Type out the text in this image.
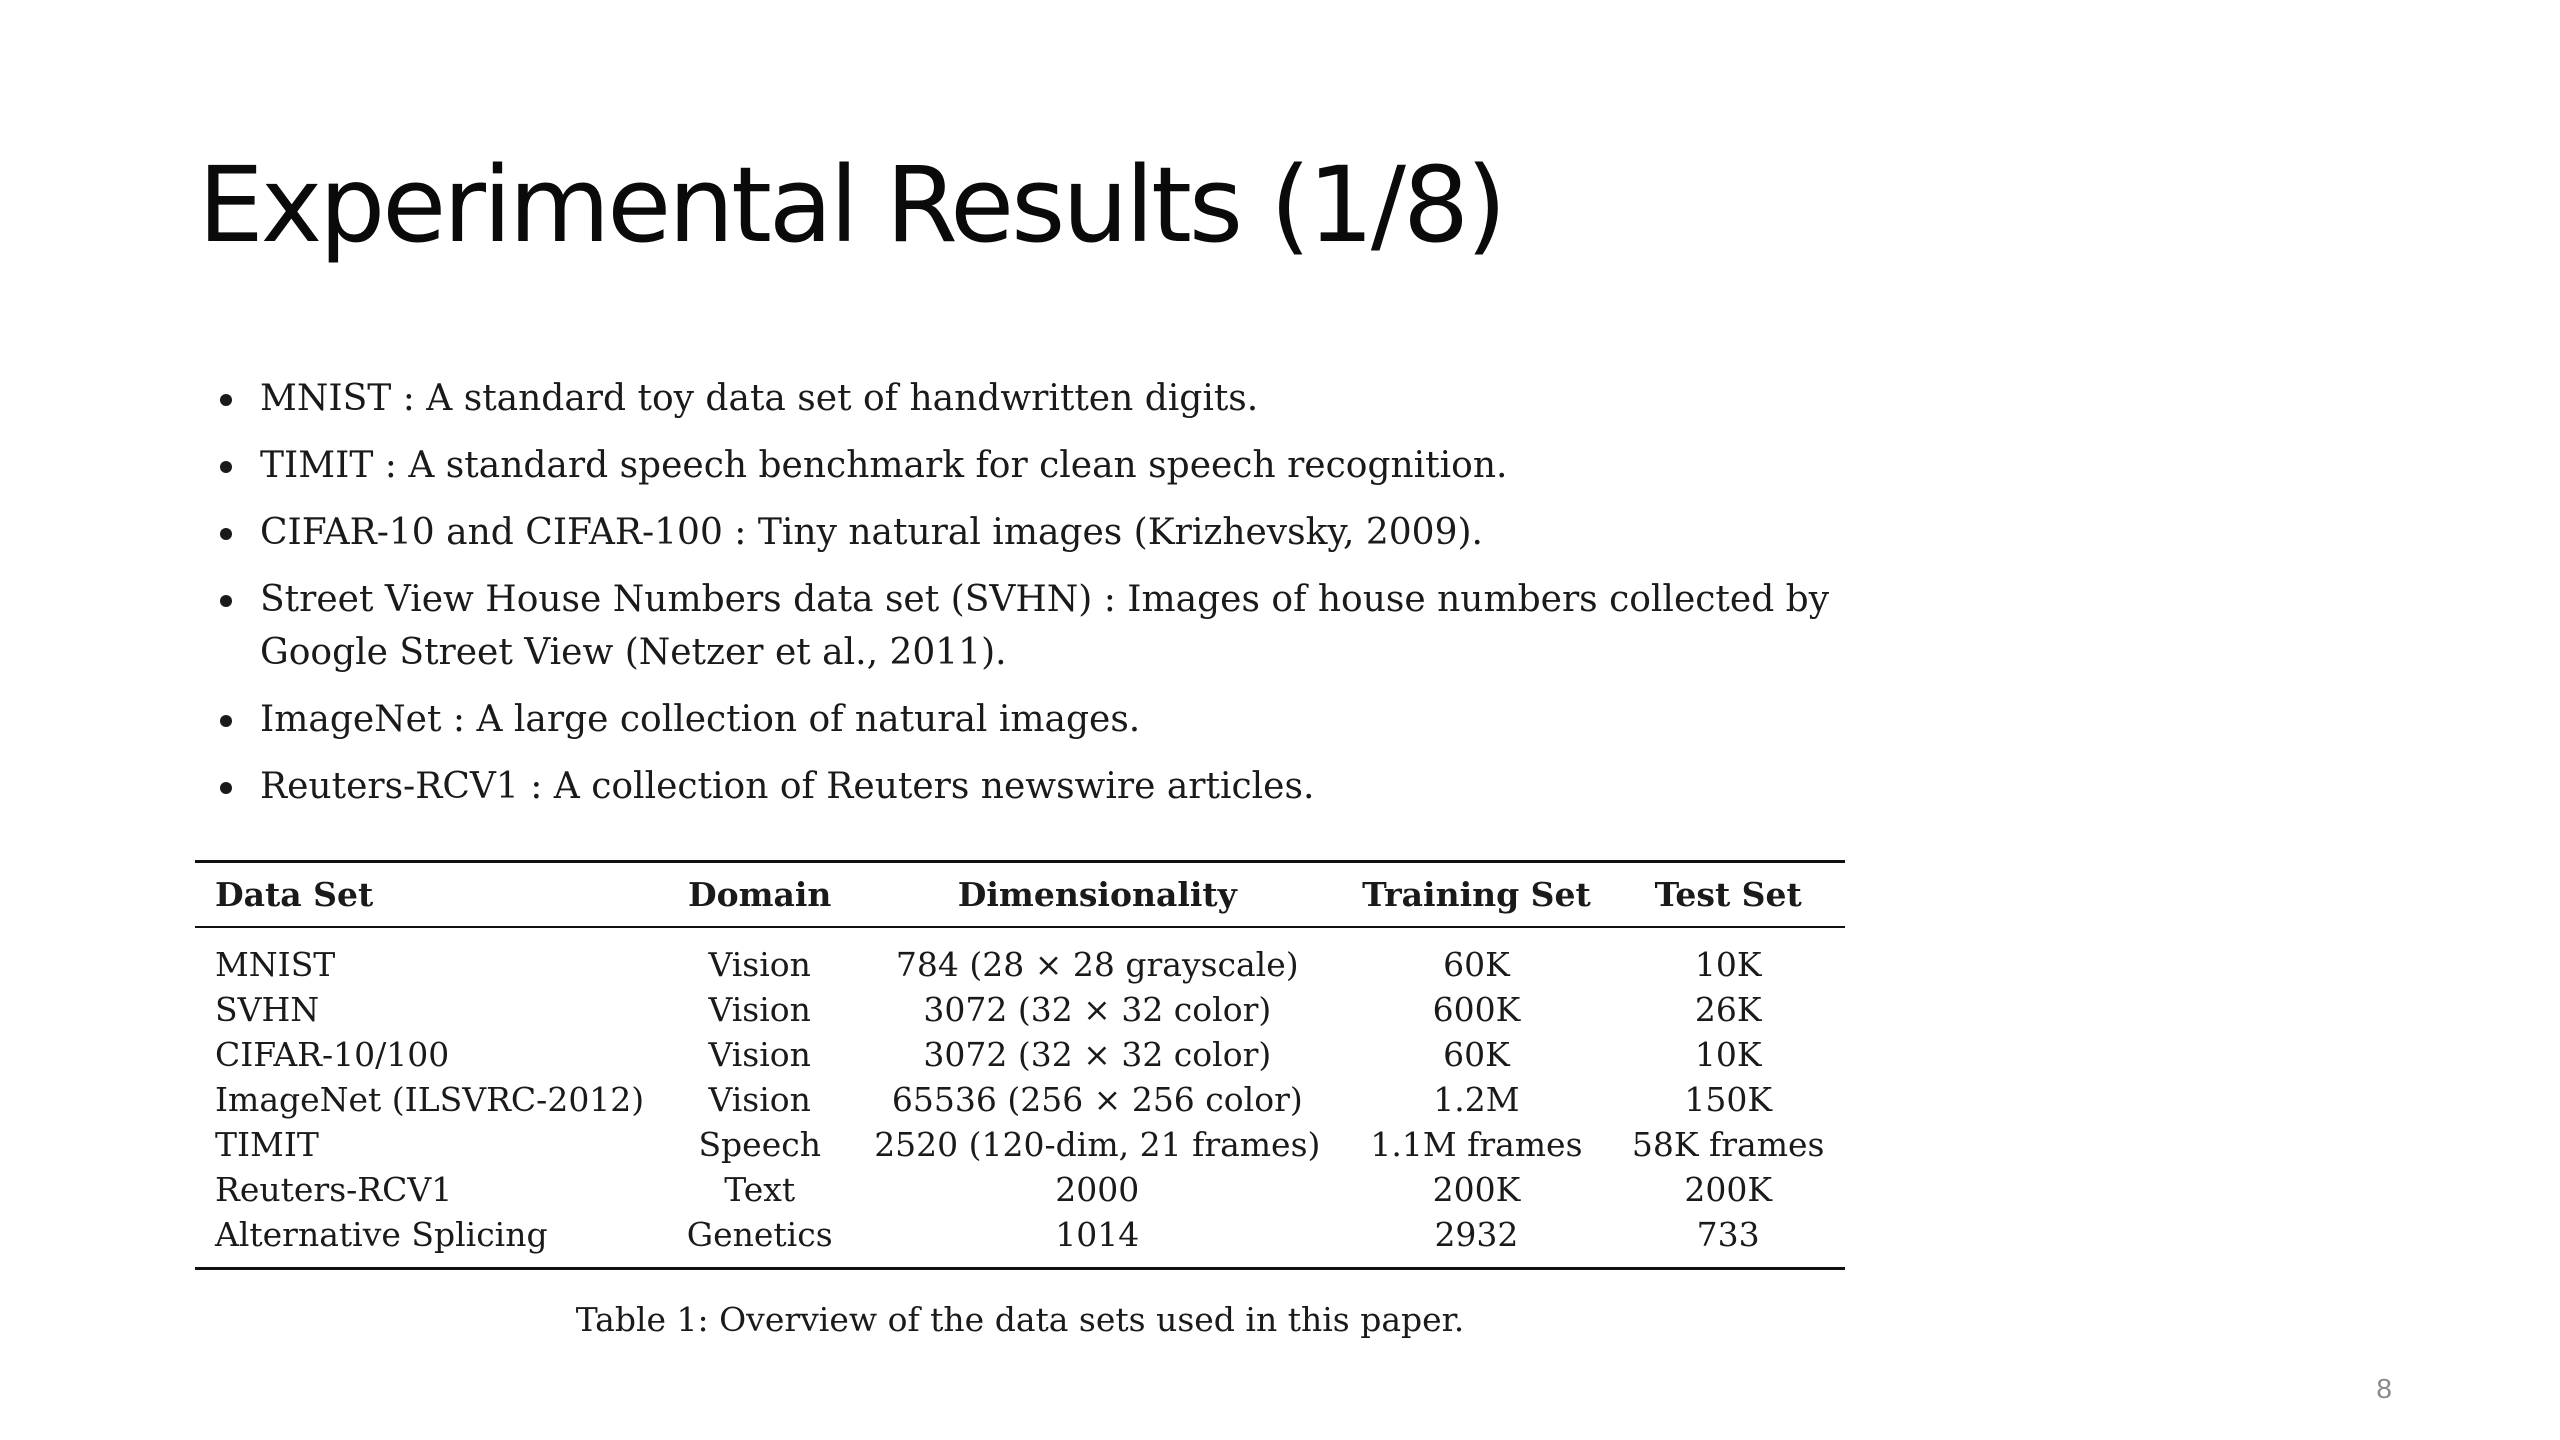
Experimental Results (1/8)
MNIST : A standard toy data set of handwritten digits.
TIMIT : A standard speech benchmark for clean speech recognition.
CIFAR-10 and CIFAR-100 : Tiny natural images (Krizhevsky, 2009).
Street View House Numbers data set (SVHN) : Images of house numbers collected by Google Street View (Netzer et al., 2011).
ImageNet : A large collection of natural images.
Reuters-RCV1 : A collection of Reuters newswire articles.
Data Set	Domain	Dimensionality	Training Set	Test Set
MNIST	Vision	784 (28 × 28 grayscale)	60K	10K
SVHN	Vision	3072 (32 × 32 color)	600K	26K
CIFAR-10/100	Vision	3072 (32 × 32 color)	60K	10K
ImageNet (ILSVRC-2012)	Vision	65536 (256 × 256 color)	1.2M	150K
TIMIT	Speech	2520 (120-dim, 21 frames)	1.1M frames	58K frames
Reuters-RCV1	Text	2000	200K	200K
Alternative Splicing	Genetics	1014	2932	733
Table 1: Overview of the data sets used in this paper.
8
